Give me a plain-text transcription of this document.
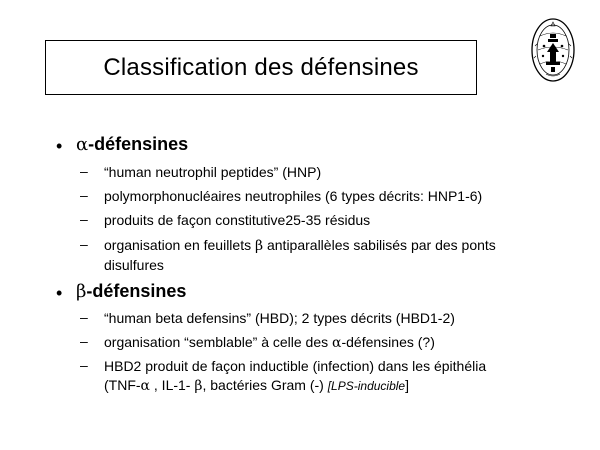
Classification des défensines
• α-défensines
– “human neutrophil peptides” (HNP)
– polymorphonucléaires neutrophiles (6 types décrits: HNP1-6)
– produits de façon constitutive25-35 résidus
– organisation en feuillets β antiparallèles sabilisés par des ponts
disulfures
• β-défensines
– “human beta defensins” (HBD); 2 types décrits (HBD1-2)
– organisation “semblable” à celle des α-défensines (?)
– HBD2 produit de façon inductible (infection) dans les épithélia
(TNF-α , IL-1- β, bactéries Gram (-) [LPS-inducible]
